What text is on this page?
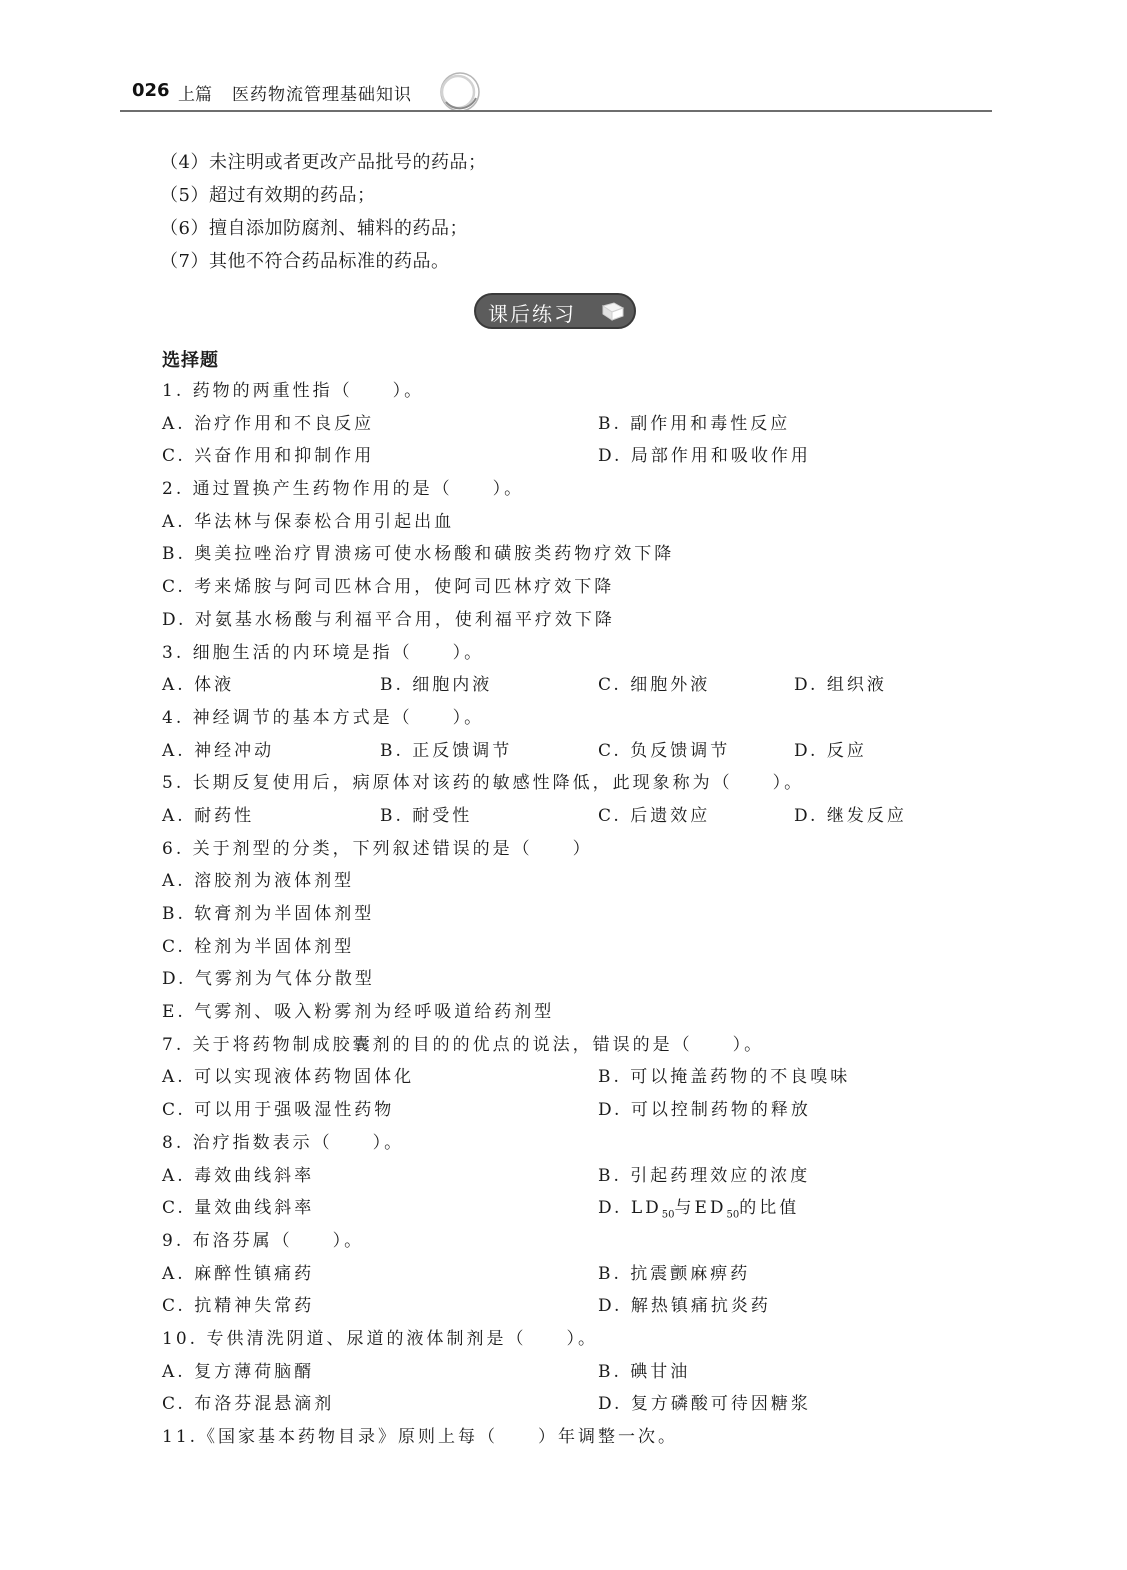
026 上篇 医药物流管理基础知识
（4）未注明或者更改产品批号的药品；
（5）超过有效期的药品；
（6）擅自添加防腐剂、辅料的药品；
（7）其他不符合药品标准的药品。
课后练习
选择题
1. 药物的两重性指（　　）。
A. 治疗作用和不良反应	B. 副作用和毒性反应
C. 兴奋作用和抑制作用	D. 局部作用和吸收作用
2. 通过置换产生药物作用的是（　　）。
A. 华法林与保泰松合用引起出血
B. 奥美拉唑治疗胃溃疡可使水杨酸和磺胺类药物疗效下降
C. 考来烯胺与阿司匹林合用，使阿司匹林疗效下降
D. 对氨基水杨酸与利福平合用，使利福平疗效下降
3. 细胞生活的内环境是指（　　）。
A. 体液	B. 细胞内液	C. 细胞外液	D. 组织液
4. 神经调节的基本方式是（　　）。
A. 神经冲动	B. 正反馈调节	C. 负反馈调节	D. 反应
5. 长期反复使用后，病原体对该药的敏感性降低，此现象称为（　　）。
A. 耐药性	B. 耐受性	C. 后遗效应	D. 继发反应
6. 关于剂型的分类，下列叙述错误的是（　　）
A. 溶胶剂为液体剂型
B. 软膏剂为半固体剂型
C. 栓剂为半固体剂型
D. 气雾剂为气体分散型
E. 气雾剂、吸入粉雾剂为经呼吸道给药剂型
7. 关于将药物制成胶囊剂的目的的优点的说法，错误的是（　　）。
A. 可以实现液体药物固体化	B. 可以掩盖药物的不良嗅味
C. 可以用于强吸湿性药物	D. 可以控制药物的释放
8. 治疗指数表示（　　）。
A. 毒效曲线斜率	B. 引起药理效应的浓度
C. 量效曲线斜率	D. $LD_{50}$与$ED_{50}$的比值
9. 布洛芬属（　　）。
A. 麻醉性镇痛药	B. 抗震颤麻痹药
C. 抗精神失常药	D. 解热镇痛抗炎药
10. 专供清洗阴道、尿道的液体制剂是（　　）。
A. 复方薄荷脑醑	B. 碘甘油
C. 布洛芬混悬滴剂	D. 复方磷酸可待因糖浆
11.《国家基本药物目录》原则上每（　　）年调整一次。
